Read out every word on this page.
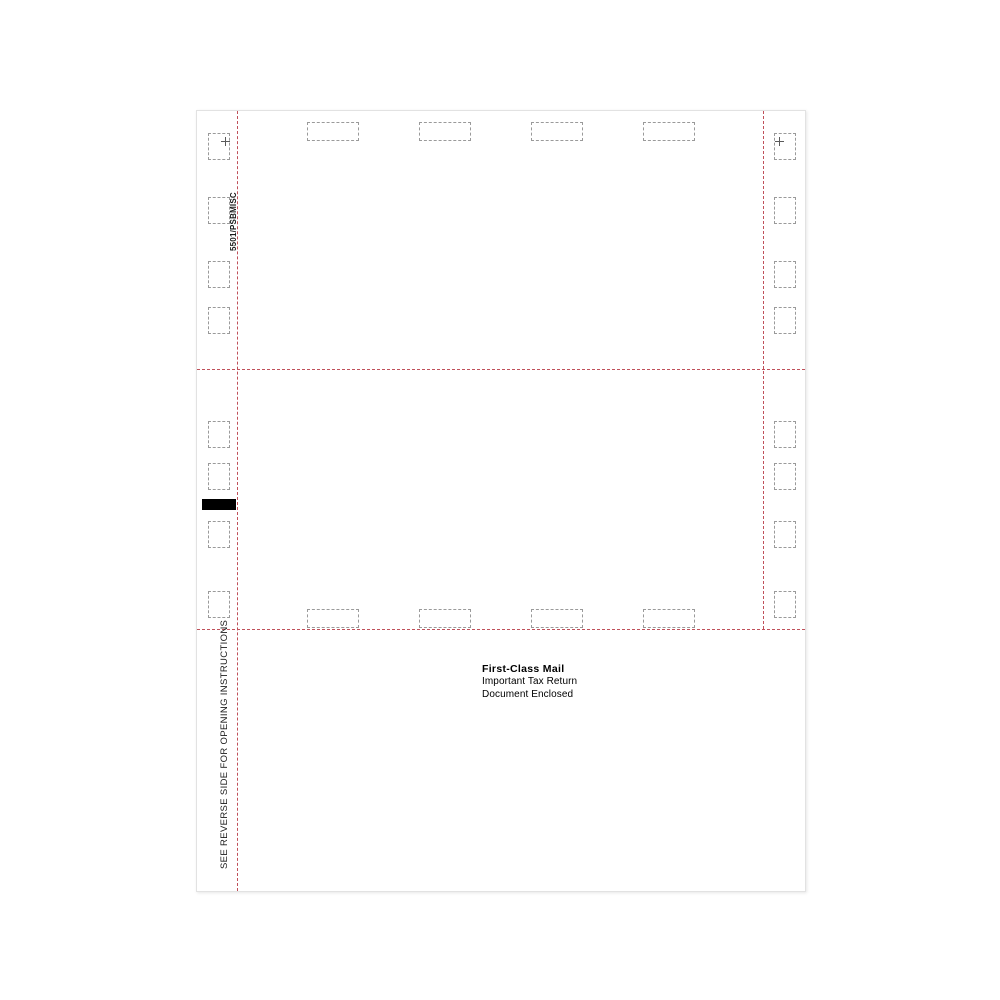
5501/PSBMISC
SEE REVERSE SIDE FOR OPENING INSTRUCTIONS	First-Class Mail
Important Tax Return
Document Enclosed
